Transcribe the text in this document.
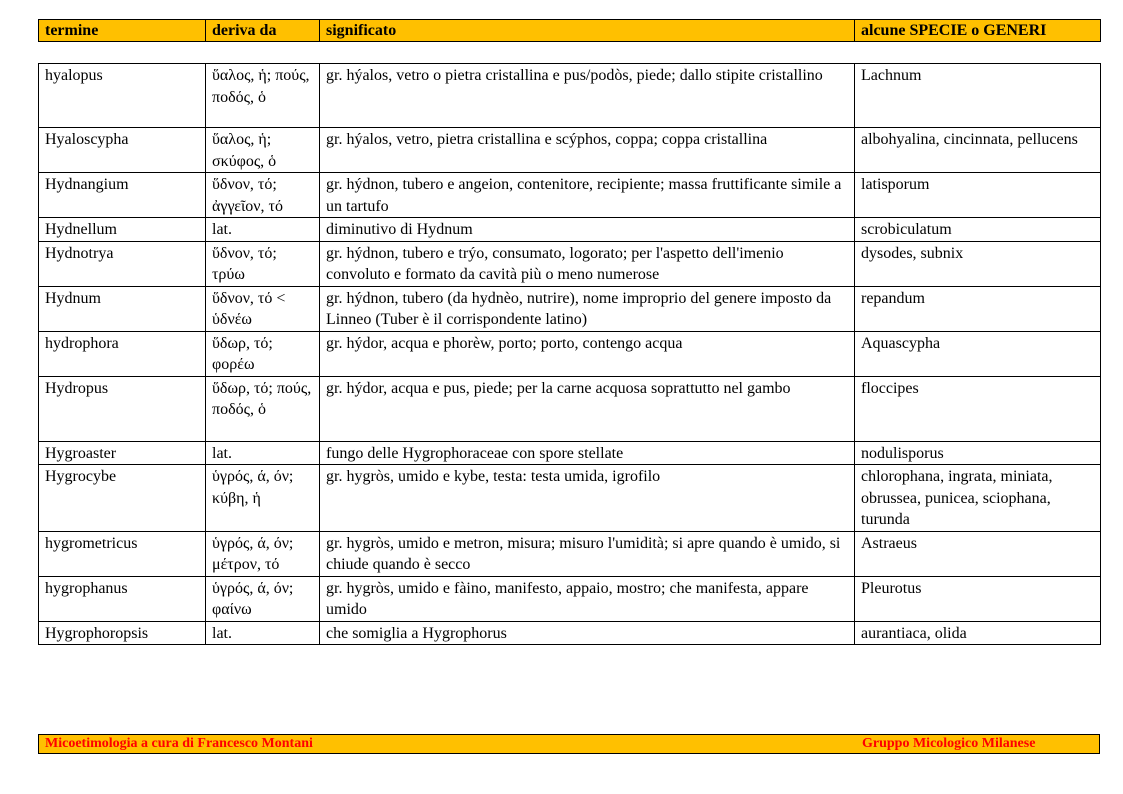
termine	deriva da	significato	alcune SPECIE o GENERI
hyalopus	ὕαλος, ἡ; πούς, ποδός, ὁ	gr. hýalos, vetro o pietra cristallina e pus/podòs, piede; dallo stipite cristallino	Lachnum
Hyaloscypha	ὕαλος, ἡ; σκύφος, ὁ	gr. hýalos, vetro, pietra cristallina e scýphos, coppa; coppa cristallina	albohyalina, cincinnata, pellucens
Hydnangium	ὕδνον, τό; ἀγγεῖον, τό	gr. hýdnon, tubero e angeion, contenitore, recipiente; massa fruttificante simile a un tartufo	latisporum
Hydnellum	lat.	diminutivo di Hydnum	scrobiculatum
Hydnotrya	ὕδνον, τό; τρύω	gr. hýdnon, tubero e trýo, consumato, logorato; per l'aspetto dell'imenio convoluto e formato da cavità più o meno numerose	dysodes, subnix
Hydnum	ὕδνον, τό < ὑδνέω	gr. hýdnon, tubero (da hydnèo, nutrire), nome improprio del genere imposto da Linneo (Tuber è il corrispondente latino)	repandum
hydrophora	ὕδωρ, τό; φορέω	gr. hýdor, acqua e phorèw, porto; porto, contengo acqua	Aquascypha
Hydropus	ὕδωρ, τό; πούς, ποδός, ὁ	gr. hýdor, acqua e pus, piede; per la carne acquosa soprattutto nel gambo	floccipes
Hygroaster	lat.	fungo delle Hygrophoraceae con spore stellate	nodulisporus
Hygrocybe	ὑγρός, ά, όν; κύβη, ἡ	gr. hygròs, umido e kybe, testa: testa umida, igrofilo	chlorophana, ingrata, miniata, obrussea, punicea, sciophana, turunda
hygrometricus	ὑγρός, ά, όν; μέτρον, τό	gr. hygròs, umido e metron, misura; misuro l'umidità; si apre quando è umido, si chiude quando è secco	Astraeus
hygrophanus	ὑγρός, ά, όν; φαίνω	gr. hygròs, umido e fàino, manifesto, appaio, mostro; che manifesta, appare umido	Pleurotus
Hygrophoropsis	lat.	che somiglia a Hygrophorus	aurantiaca, olida
Micoetimologia a cura di Francesco Montani	Gruppo Micologico Milanese
